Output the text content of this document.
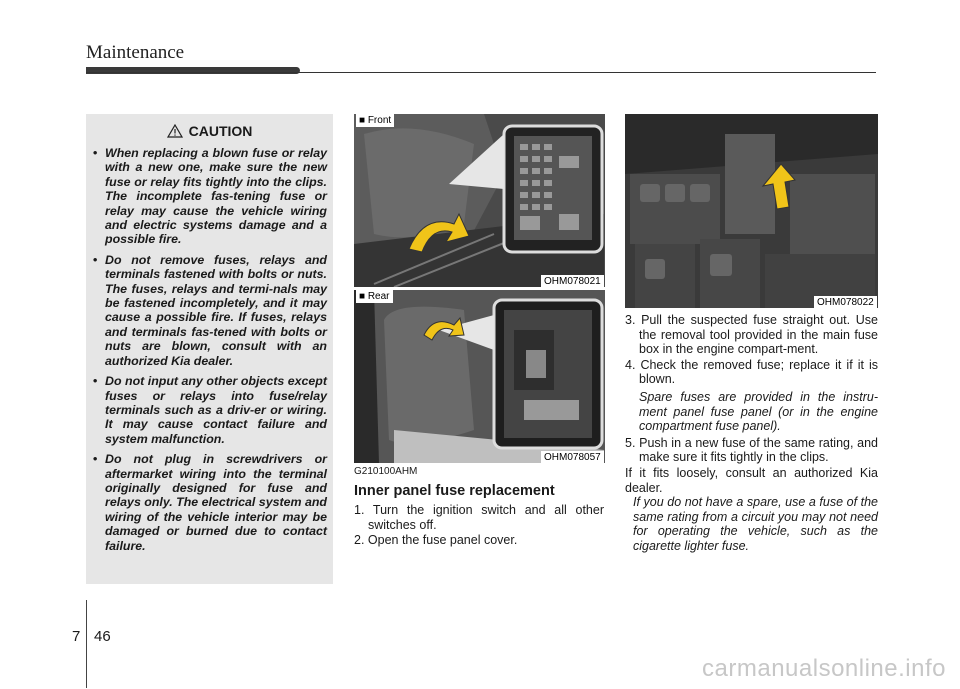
Maintenance
CAUTION
• When replacing a blown fuse or relay with a new one, make sure the new fuse or relay fits tightly into the clips. The incomplete fas-tening fuse or relay may cause the vehicle wiring and electric systems damage and a possible fire.
• Do not remove fuses, relays and terminals fastened with bolts or nuts. The fuses, relays and termi-nals may be fastened incompletely, and it may cause a possible fire. If fuses, relays and terminals fas-tened with bolts or nuts are blown, consult with an authorized Kia dealer.
• Do not input any other objects except fuses or relays into fuse/relay terminals such as a driv-er or wiring. It may cause contact failure and system malfunction.
• Do not plug in screwdrivers or aftermarket wiring into the terminal originally designed for fuse and relays only. The electrical system and wiring of the vehicle interior may be damaged or burned due to contact failure.
■ Front
OHM078021
■ Rear
OHM078057
OHM078022
G210100AHM
Inner panel fuse replacement
1. Turn the ignition switch and all other switches off.
2. Open the fuse panel cover.
3. Pull the suspected fuse straight out. Use the removal tool provided in the main fuse box in the engine compart-ment.
4. Check the removed fuse; replace it if it is blown.
Spare fuses are provided in the instru-ment panel fuse panel (or in the engine compartment fuse panel).
5. Push in a new fuse of the same rating, and make sure it fits tightly in the clips.
If it fits loosely, consult an authorized Kia dealer.
If you do not have a spare, use a fuse of the same rating from a circuit you may not need for operating the vehicle, such as the cigarette lighter fuse.
7 46
carmanualsonline.info
